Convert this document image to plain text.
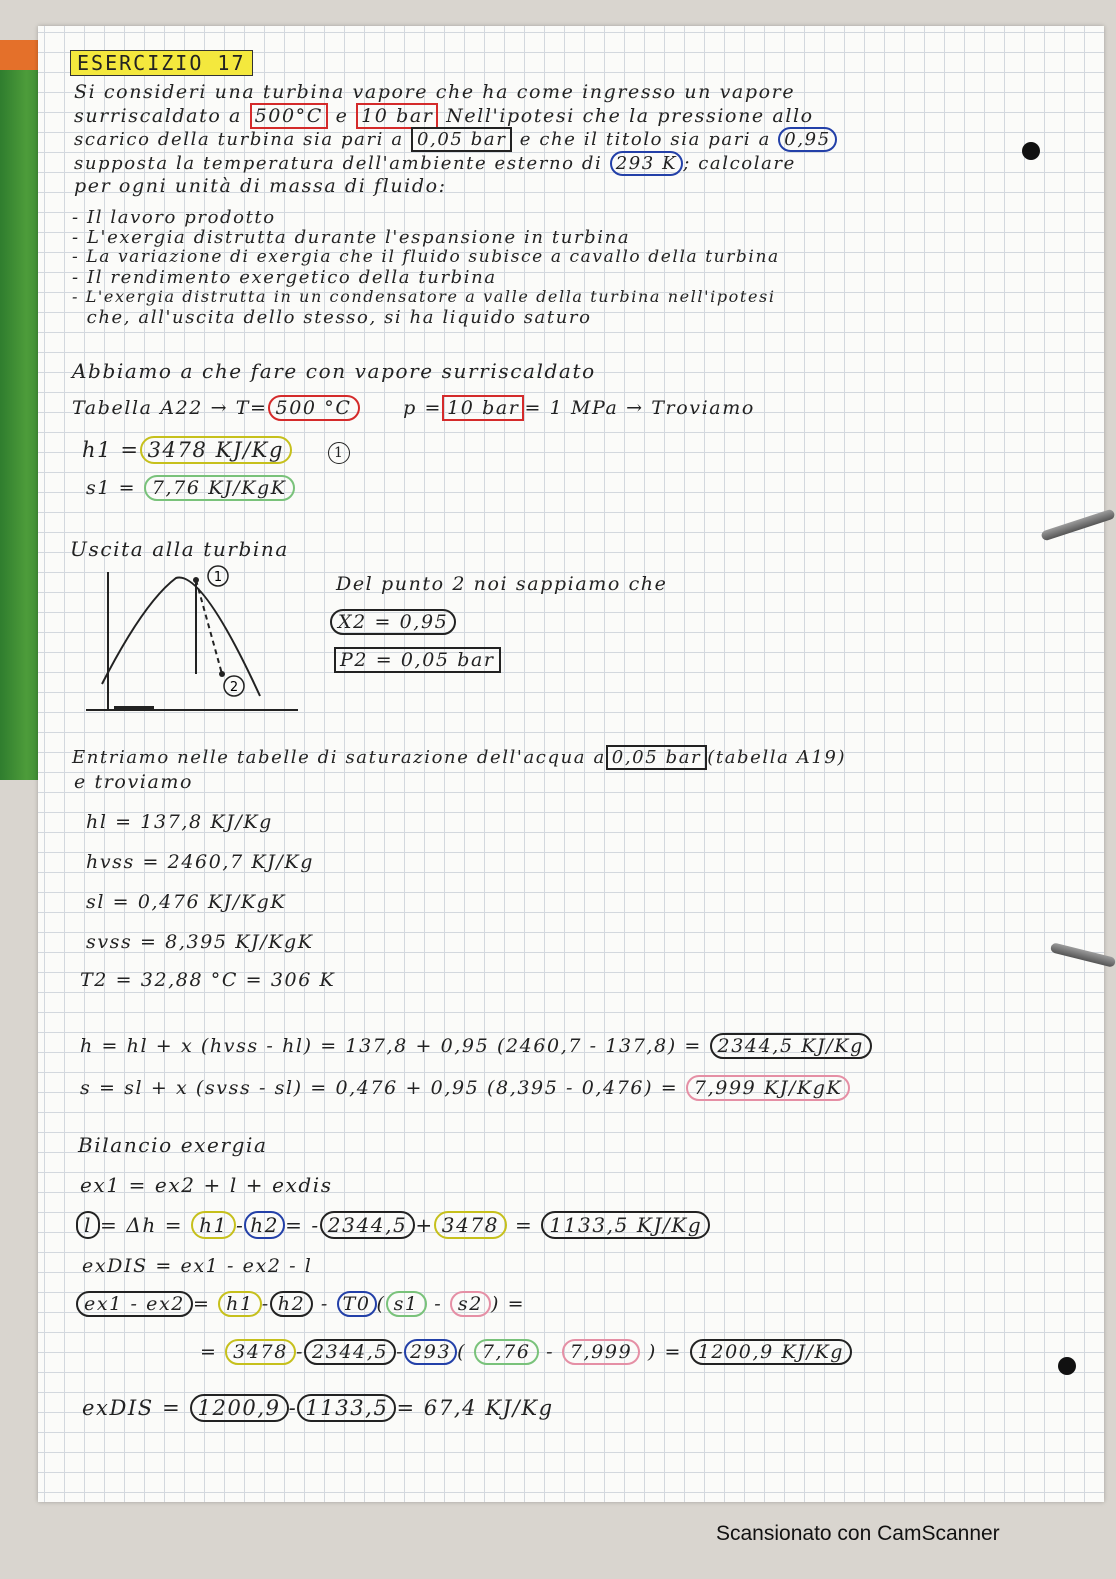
ESERCIZIO 17
Si consideri una turbina vapore che ha come ingresso un vapore
surriscaldato a 500°C e 10 bar Nell'ipotesi che la pressione allo
scarico della turbina sia pari a 0,05 bar e che il titolo sia pari a 0,95
supposta la temperatura dell'ambiente esterno di 293 K ; calcolare
per ogni unità di massa di fluido:
- Il lavoro prodotto
- L'exergia distrutta durante l'espansione in turbina
- La variazione di exergia che il fluido subisce a cavallo della turbina
- Il rendimento exergetico della turbina
- L'exergia distrutta in un condensatore a valle della turbina nell'ipotesi
che, all'uscita dello stesso, si ha liquido saturo
Abbiamo a che fare con vapore surriscaldato
Tabella A22 → T= 500 °C	p = 10 bar = 1 MPa → Troviamo
h1 = 3478 KJ/Kg	1
s1 = 7,76 KJ/KgK
Uscita alla turbina
1
2
Del punto 2 noi sappiamo che
X2 = 0,95
P2 = 0,05 bar
Entriamo nelle tabelle di saturazione dell'acqua a 0,05 bar (tabella A19)
e troviamo
hl = 137,8 KJ/Kg
hvss = 2460,7 KJ/Kg
sl = 0,476 KJ/KgK
svss = 8,395 KJ/KgK
T2 = 32,88 °C = 306 K
h = hl + x (hvss - hl) = 137,8 + 0,95 (2460,7 - 137,8) = 2344,5 KJ/Kg
s = sl + x (svss - sl) = 0,476 + 0,95 (8,395 - 0,476) = 7,999 KJ/KgK
Bilancio exergia
ex1 = ex2 + l + exdis
l = Δh = h1 - h2 = - 2344,5 + 3478 = 1133,5 KJ/Kg
exDIS = ex1 - ex2 - l
ex1 - ex2 = h1 - h2 - T0 ( s1 - s2 ) =
= 3478 - 2344,5 - 293 ( 7,76 - 7,999 ) = 1200,9 KJ/Kg
exDIS = 1200,9 - 1133,5 = 67,4 KJ/Kg
Scansionato con CamScanner
